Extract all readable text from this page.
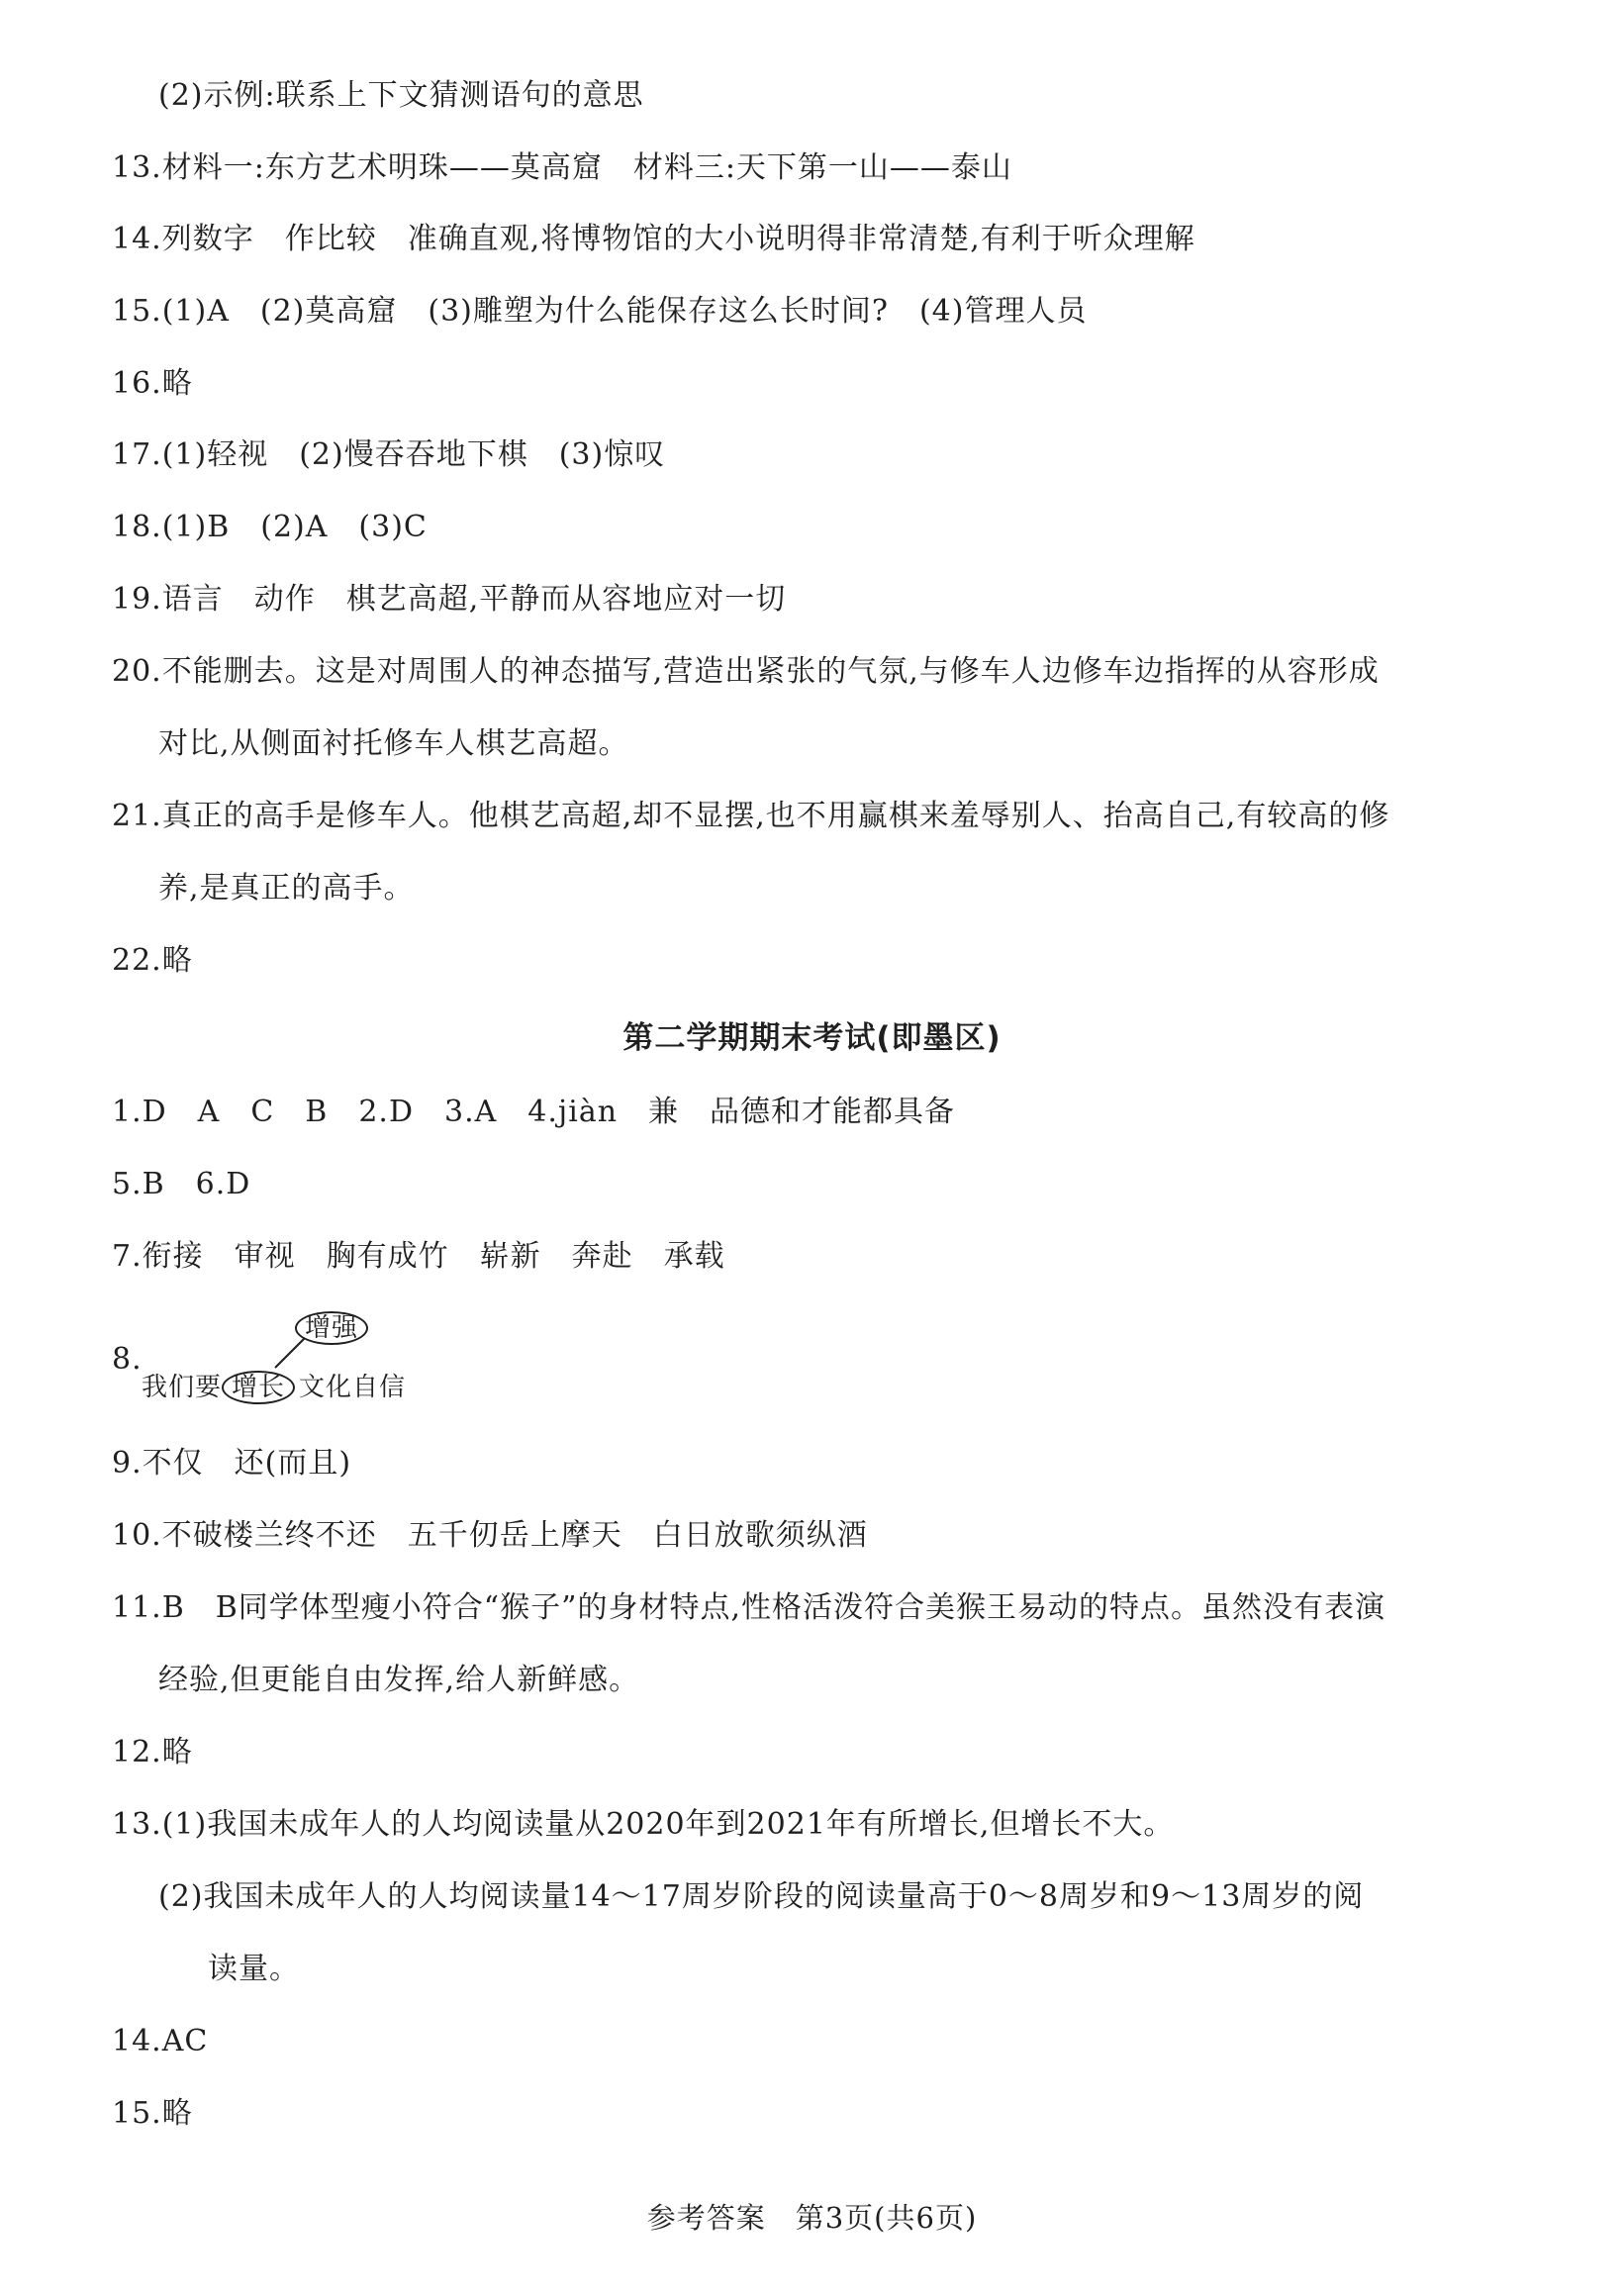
(2)示例:联系上下文猜测语句的意思
13.材料一:东方艺术明珠——莫高窟　材料三:天下第一山——泰山
14.列数字　作比较　准确直观,将博物馆的大小说明得非常清楚,有利于听众理解
15.(1)A　(2)莫高窟　(3)雕塑为什么能保存这么长时间?　(4)管理人员
16.略
17.(1)轻视　(2)慢吞吞地下棋　(3)惊叹
18.(1)B　(2)A　(3)C
19.语言　动作　棋艺高超,平静而从容地应对一切
20.不能删去。这是对周围人的神态描写,营造出紧张的气氛,与修车人边修车边指挥的从容形成
对比,从侧面衬托修车人棋艺高超。
21.真正的高手是修车人。他棋艺高超,却不显摆,也不用赢棋来羞辱别人、抬高自己,有较高的修
养,是真正的高手。
22.略
第二学期期末考试(即墨区)
1.D　A　C　B　2.D　3.A　4.jiàn　兼　品德和才能都具备
5.B　6.D
7.衔接　审视　胸有成竹　崭新　奔赴　承载
8.
我们要 增长 文化自信
增强
9.不仅　还(而且)
10.不破楼兰终不还　五千仞岳上摩天　白日放歌须纵酒
11.B　B同学体型瘦小符合“猴子”的身材特点,性格活泼符合美猴王易动的特点。虽然没有表演
经验,但更能自由发挥,给人新鲜感。
12.略
13.(1)我国未成年人的人均阅读量从2020年到2021年有所增长,但增长不大。
(2)我国未成年人的人均阅读量14～17周岁阶段的阅读量高于0～8周岁和9～13周岁的阅
读量。
14.AC
15.略
参考答案　第3页(共6页)
